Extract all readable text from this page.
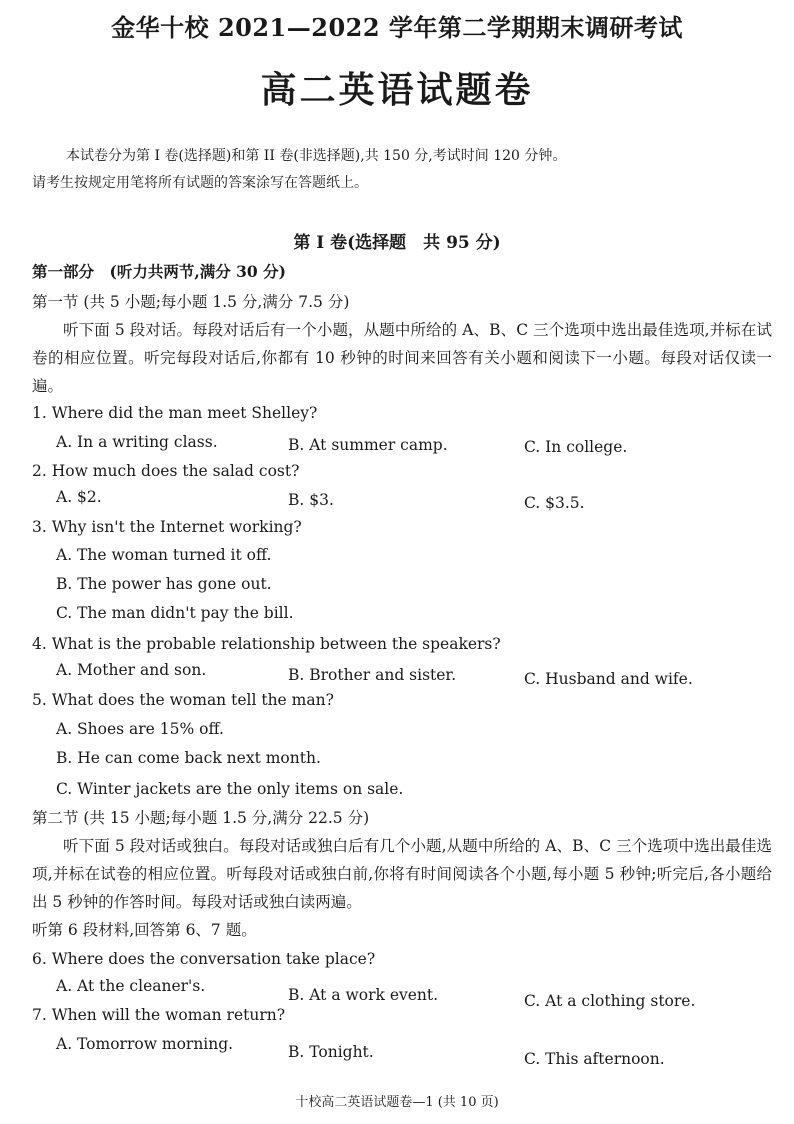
金华十校 2021—2022 学年第二学期期末调研考试
高二英语试题卷
本试卷分为第 I 卷(选择题)和第 II 卷(非选择题),共 150 分,考试时间 120 分钟。
请考生按规定用笔将所有试题的答案涂写在答题纸上。
第 I 卷(选择题　共 95 分)
第一部分　(听力共两节,满分 30 分)
第一节 (共 5 小题;每小题 1.5 分,满分 7.5 分)
听下面 5 段对话。每段对话后有一个小题，从题中所给的 A、B、C 三个选项中选出最佳选项,并标在试卷的相应位置。听完每段对话后,你都有 10 秒钟的时间来回答有关小题和阅读下一小题。每段对话仅读一遍。
1. Where did the man meet Shelley?
A. In a writing class.	B. At summer camp.	C. In college.
2. How much does the salad cost?
A. $2.	B. $3.	C. $3.5.
3. Why isn't the Internet working?
A. The woman turned it off.
B. The power has gone out.
C. The man didn't pay the bill.
4. What is the probable relationship between the speakers?
A. Mother and son.	B. Brother and sister.	C. Husband and wife.
5. What does the woman tell the man?
A. Shoes are 15% off.
B. He can come back next month.
C. Winter jackets are the only items on sale.
第二节 (共 15 小题;每小题 1.5 分,满分 22.5 分)
听下面 5 段对话或独白。每段对话或独白后有几个小题,从题中所给的 A、B、C 三个选项中选出最佳选项,并标在试卷的相应位置。听每段对话或独白前,你将有时间阅读各个小题,每小题 5 秒钟;听完后,各小题给出 5 秒钟的作答时间。每段对话或独白读两遍。
听第 6 段材料,回答第 6、7 题。
6. Where does the conversation take place?
A. At the cleaner's.	B. At a work event.	C. At a clothing store.
7. When will the woman return?
A. Tomorrow morning.	B. Tonight.	C. This afternoon.
十校高二英语试题卷—1 (共 10 页)
